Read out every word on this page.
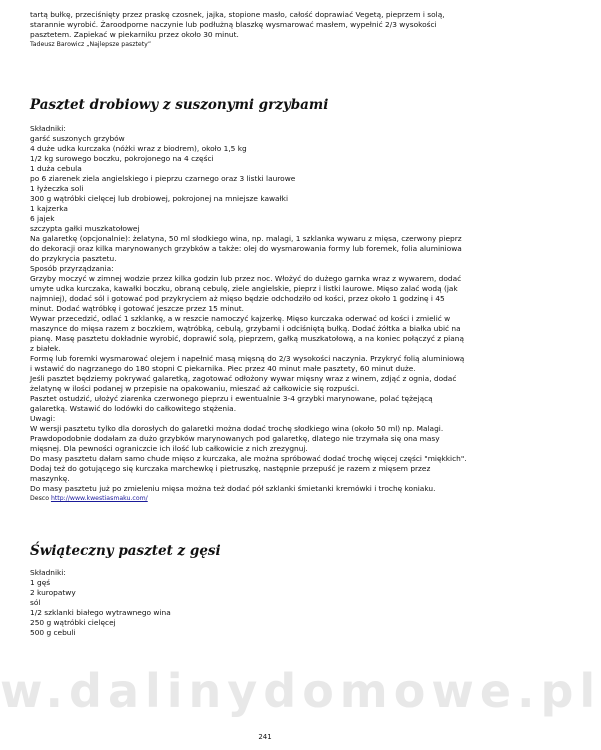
w.dalinydomowe.pl
tartą bułkę, przeciśnięty przez praskę czosnek, jajka, stopione masło, całość doprawiać Vegetą, pieprzem i solą,
starannie wyrobić. Żaroodporne naczynie lub podłużną blaszkę wysmarować masłem, wypełnić 2/3 wysokości
pasztetem. Zapiekać w piekarniku przez około 30 minut.
Tadeusz Barowicz „Najlepsze pasztety”
Pasztet drobiowy z suszonymi grzybami
Składniki:
garść suszonych grzybów
4 duże udka kurczaka (nóżki wraz z biodrem), około 1,5 kg
1/2 kg surowego boczku, pokrojonego na 4 części
1 duża cebula
po 6 ziarenek ziela angielskiego i pieprzu czarnego oraz 3 listki laurowe
1 łyżeczka soli
300 g wątróbki cielęcej lub drobiowej, pokrojonej na mniejsze kawałki
1 kajzerka
6 jajek
szczypta gałki muszkatołowej
Na galaretkę (opcjonalnie): żelatyna, 50 ml słodkiego wina, np. malagi, 1 szklanka wywaru z mięsa, czerwony pieprz
do dekoracji oraz kilka marynowanych grzybków a także: olej do wysmarowania formy lub foremek, folia aluminiowa
do przykrycia pasztetu.
Sposób przyrządzania:
Grzyby moczyć w zimnej wodzie przez kilka godzin lub przez noc. Włożyć do dużego garnka wraz z wywarem, dodać
umyte udka kurczaka, kawałki boczku, obraną cebulę, ziele angielskie, pieprz i listki laurowe. Mięso zalać wodą (jak
najmniej), dodać sól i gotować pod przykryciem aż mięso będzie odchodziło od kości, przez około 1 godzinę i 45
minut. Dodać wątróbkę i gotować jeszcze przez 15 minut.
Wywar przecedzić, odlać 1 szklankę, a w reszcie namoczyć kajzerkę. Mięso kurczaka oderwać od kości i zmielić w
maszynce do mięsa razem z boczkiem, wątróbką, cebulą, grzybami i odciśniętą bułką. Dodać żółtka a białka ubić na
pianę. Masę pasztetu dokładnie wyrobić, doprawić solą, pieprzem, gałką muszkatołową, a na koniec połączyć z pianą
z białek.
Formę lub foremki wysmarować olejem i napełnić masą mięsną do 2/3 wysokości naczynia. Przykryć folią aluminiową
i wstawić do nagrzanego do 180 stopni C piekarnika. Piec przez 40 minut małe pasztety, 60 minut duże.
Jeśli pasztet będziemy pokrywać galaretką, zagotować odłożony wywar mięsny wraz z winem, zdjąć z ognia, dodać
żelatynę w ilości podanej w przepisie na opakowaniu, mieszać aż całkowicie się rozpuści.
Pasztet ostudzić, ułożyć ziarenka czerwonego pieprzu i ewentualnie 3-4 grzybki marynowane, polać tężejącą
galaretką. Wstawić do lodówki do całkowitego stężenia.
Uwagi:
W wersji pasztetu tylko dla dorosłych do galaretki można dodać trochę słodkiego wina (około 50 ml) np. Malagi.
Prawdopodobnie dodałam za dużo grzybków marynowanych pod galaretkę, dlatego nie trzymała się ona masy
mięsnej. Dla pewności ograniczcie ich ilość lub całkowicie z nich zrezygnuj.
Do masy pasztetu dałam samo chude mięso z kurczaka, ale można spróbować dodać trochę więcej części "miękkich".
Dodaj też do gotującego się kurczaka marchewkę i pietruszkę, następnie przepuść je razem z mięsem przez
maszynkę.
Do masy pasztetu już po zmieleniu mięsa można też dodać pół szklanki śmietanki kremówki i trochę koniaku.
Desco http://www.kwestiasmaku.com/
Świąteczny pasztet z gęsi
Składniki:
1 gęś
2 kuropatwy
sól
1/2 szklanki białego wytrawnego wina
250 g wątróbki cielęcej
500 g cebuli
241
